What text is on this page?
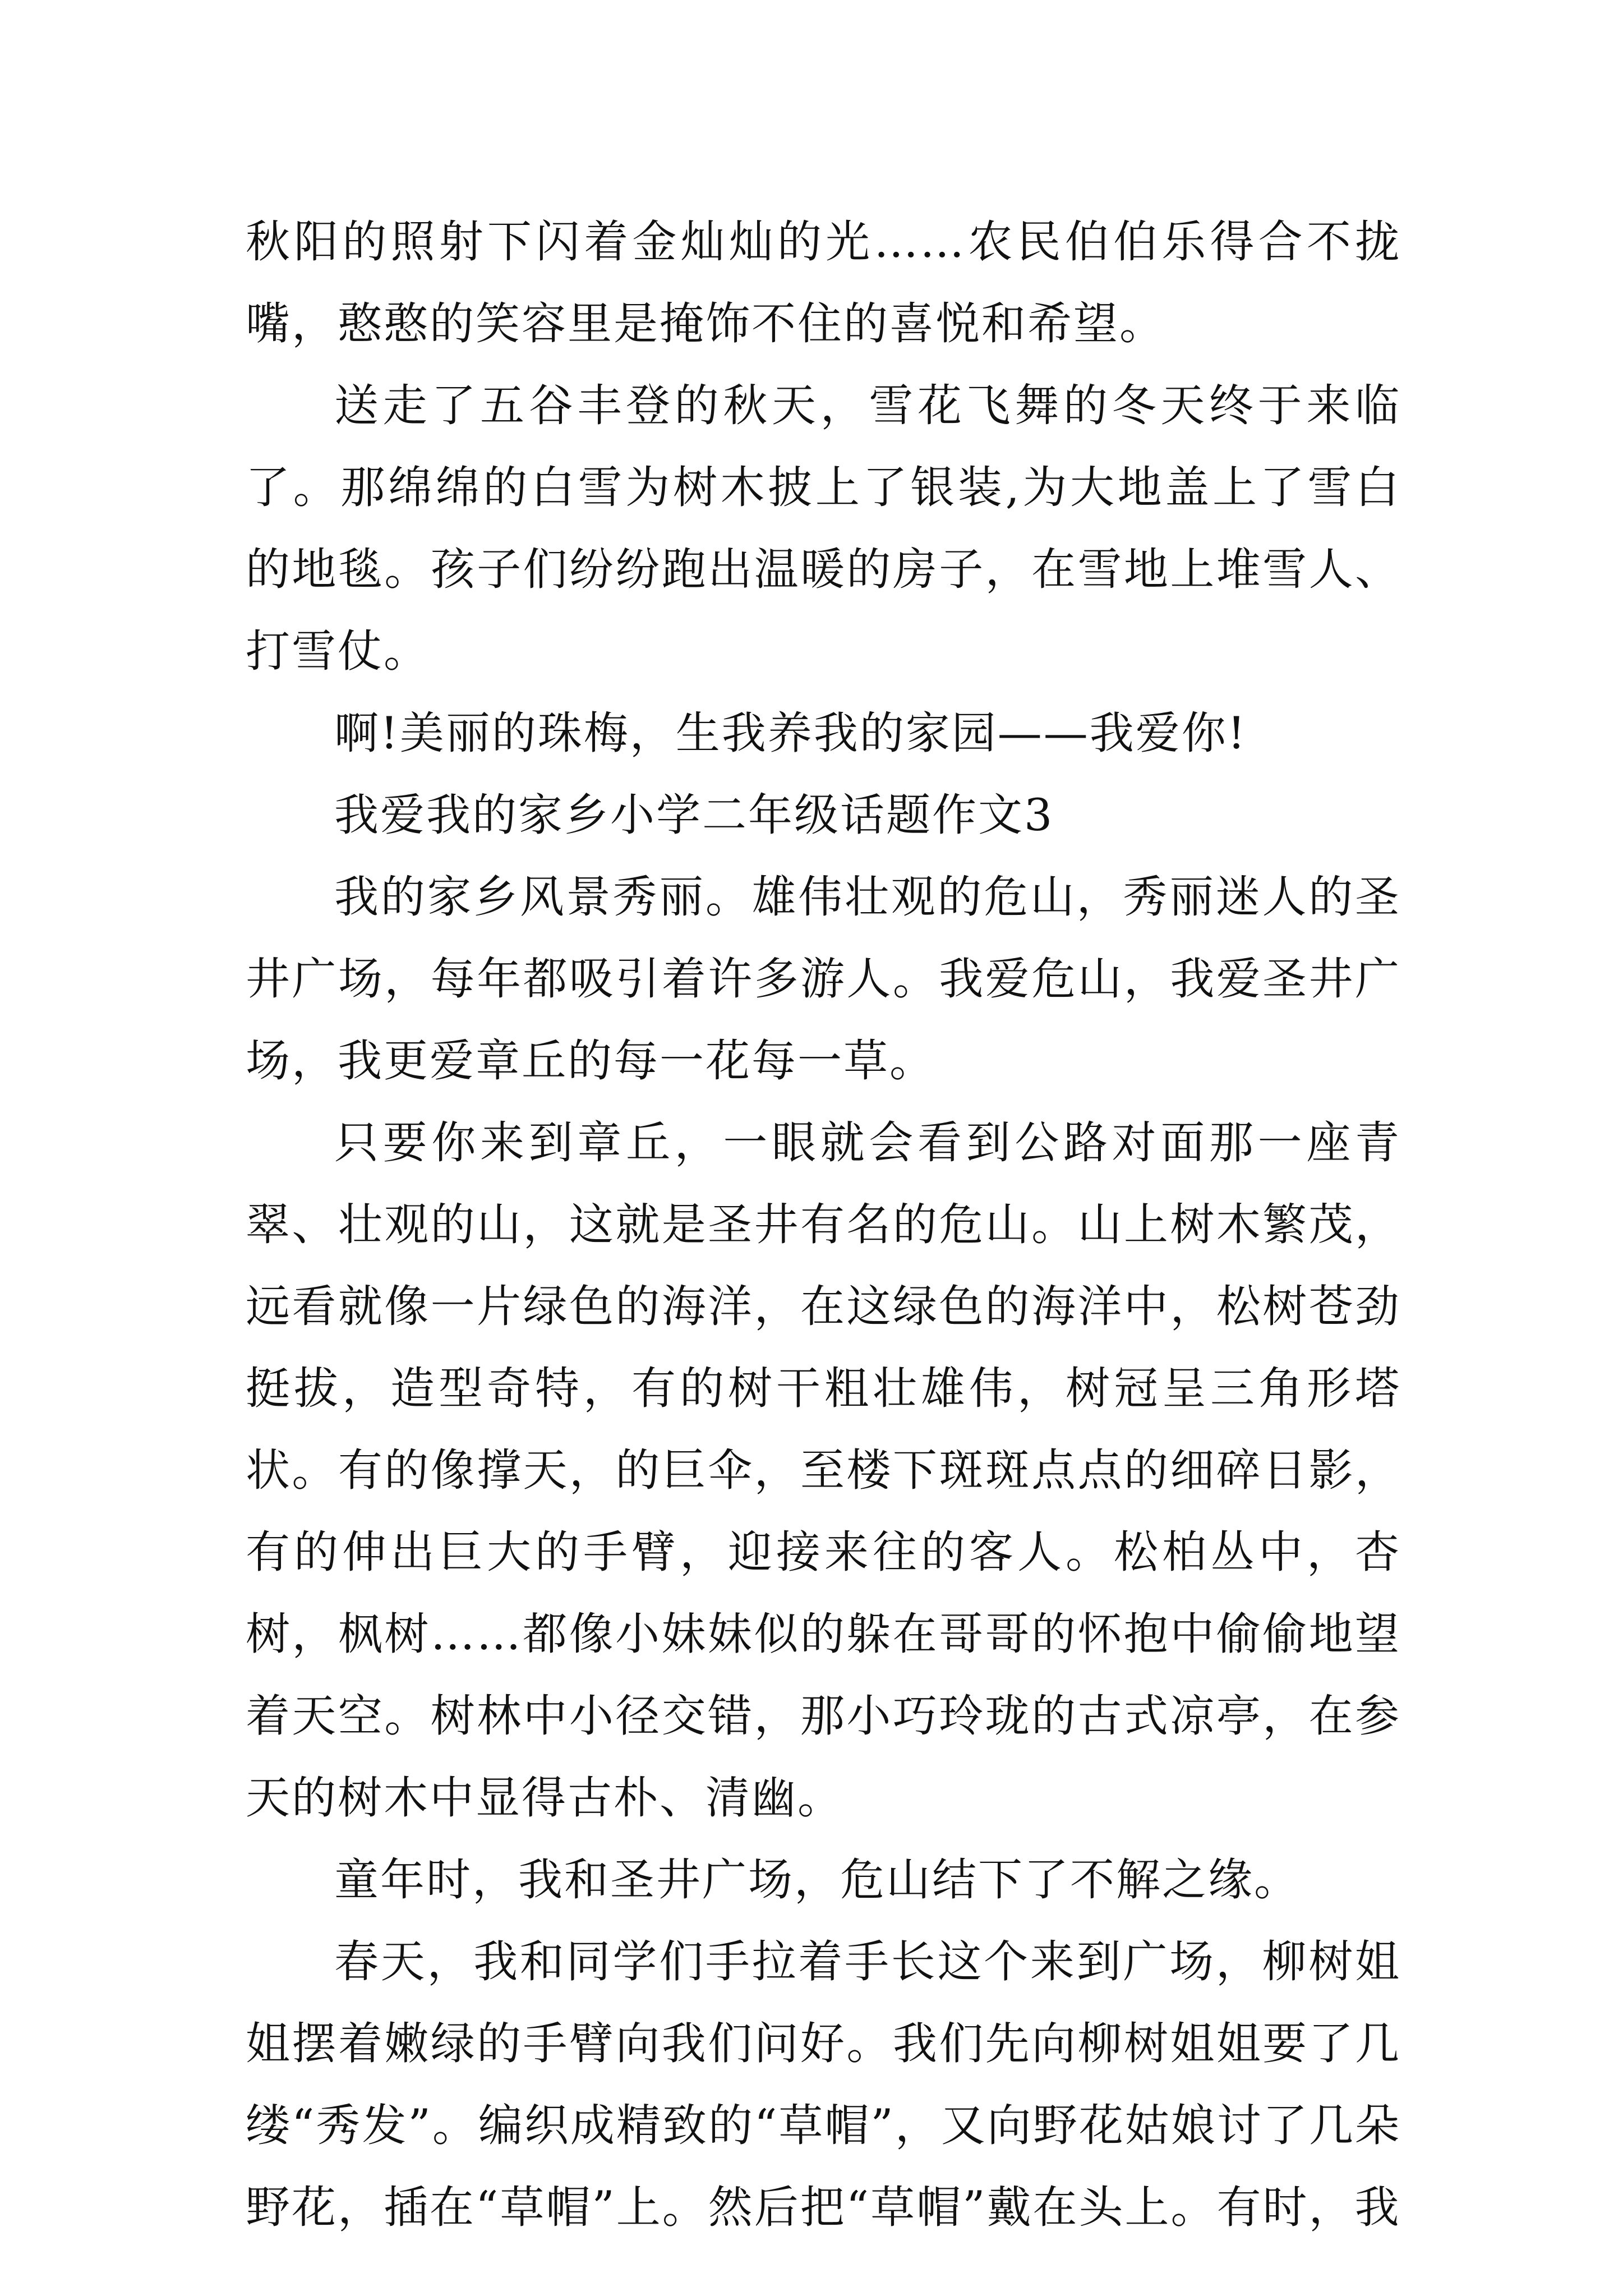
秋阳的照射下闪着金灿灿的光……农民伯伯乐得合不拢嘴，憨憨的笑容里是掩饰不住的喜悦和希望。

送走了五谷丰登的秋天，雪花飞舞的冬天终于来临了。那绵绵的白雪为树木披上了银装,为大地盖上了雪白的地毯。孩子们纷纷跑出温暖的房子，在雪地上堆雪人、打雪仗。

啊!美丽的珠梅，生我养我的家园——我爱你!

我爱我的家乡小学二年级话题作文3

我的家乡风景秀丽。雄伟壮观的危山，秀丽迷人的圣井广场，每年都吸引着许多游人。我爱危山，我爱圣井广场，我更爱章丘的每一花每一草。

只要你来到章丘，一眼就会看到公路对面那一座青翠、壮观的山，这就是圣井有名的危山。山上树木繁茂，远看就像一片绿色的海洋，在这绿色的海洋中，松树苍劲挺拔，造型奇特，有的树干粗壮雄伟，树冠呈三角形塔状。有的像撑天，的巨伞，至楼下斑斑点点的细碎日影，有的伸出巨大的手臂，迎接来往的客人。松柏丛中，杏树，枫树……都像小妹妹似的躲在哥哥的怀抱中偷偷地望着天空。树林中小径交错，那小巧玲珑的古式凉亭，在参天的树木中显得古朴、清幽。

童年时，我和圣井广场，危山结下了不解之缘。

春天，我和同学们手拉着手长这个来到广场，柳树姐姐摆着嫩绿的手臂向我们问好。我们先向柳树姐姐要了几缕“秀发”。编织成精致的“草帽”，又向野花姑娘讨了几朵野花，插在“草帽”上。然后把“草帽”戴在头上。有时，我
